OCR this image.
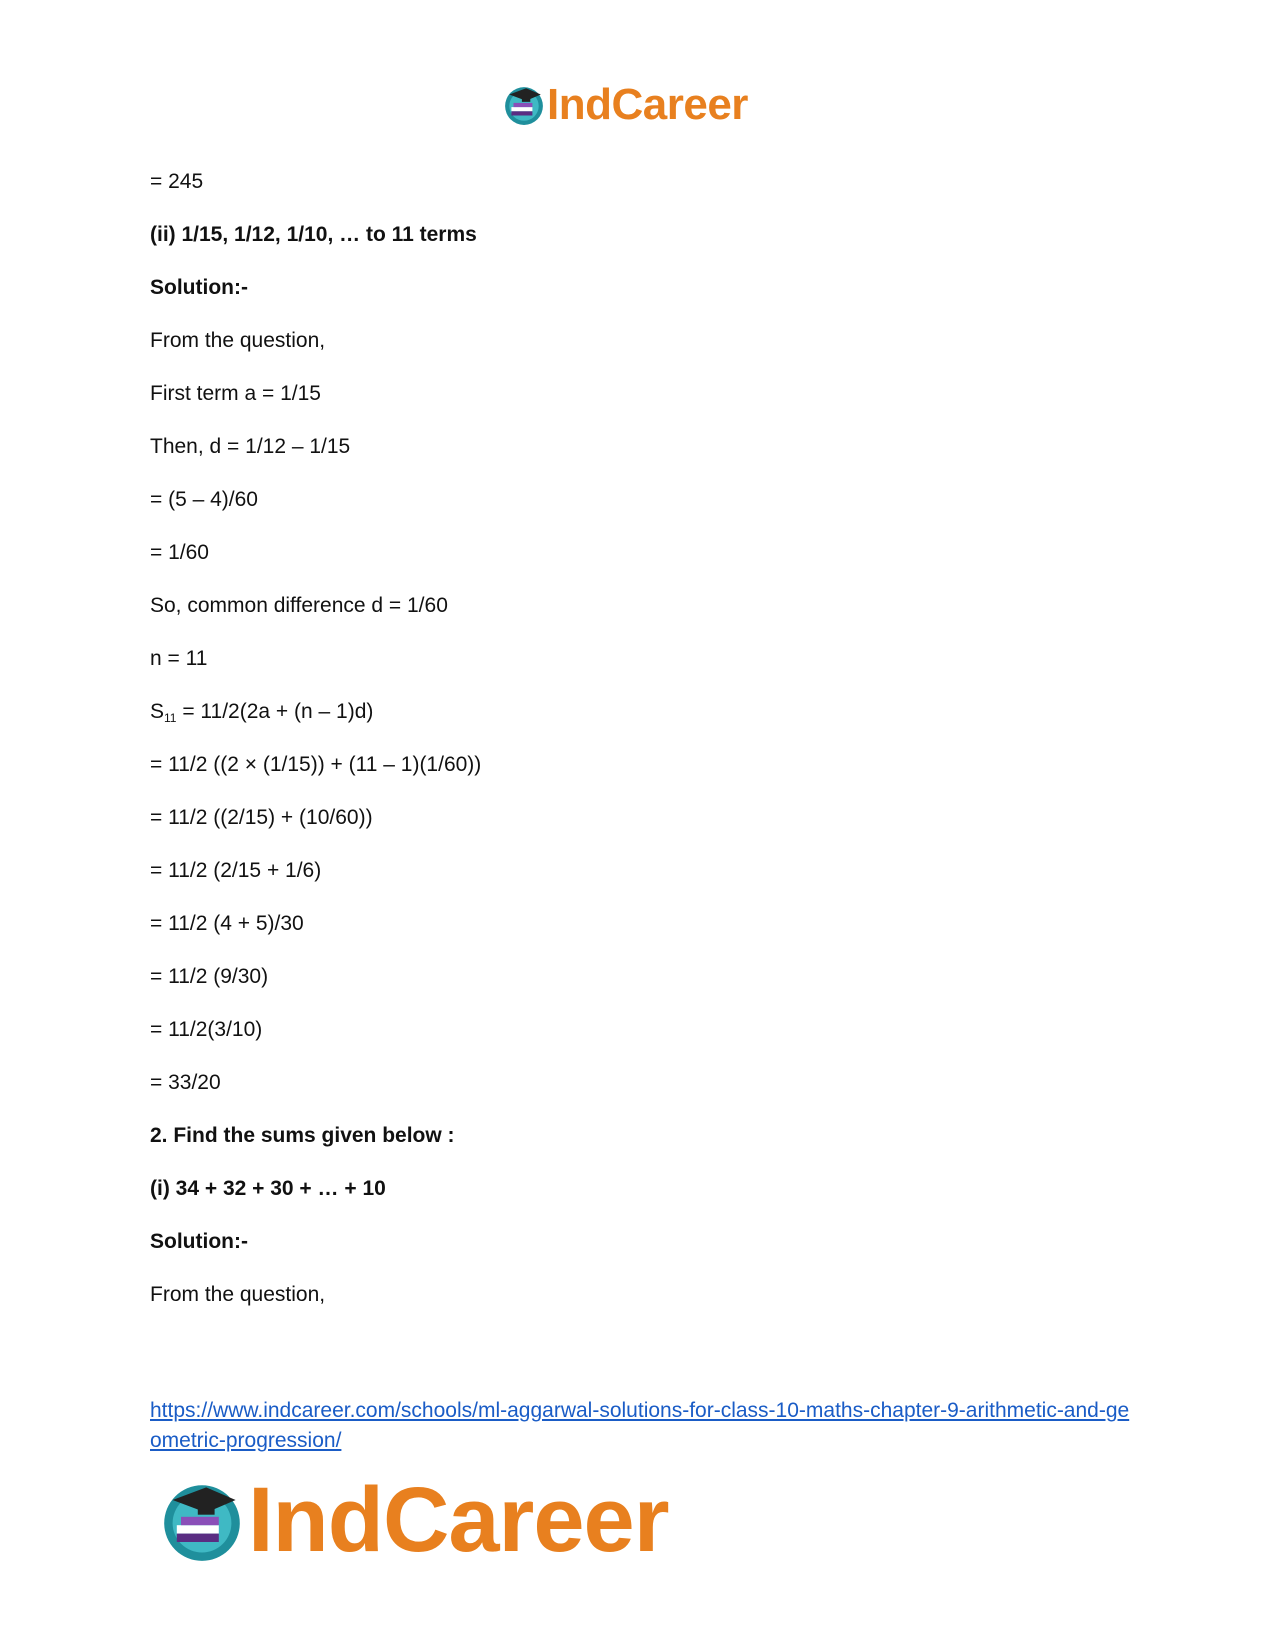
IndCareer
= 245
(ii) 1/15, 1/12, 1/10, … to 11 terms
Solution:-
From the question,
First term a = 1/15
Then, d = 1/12 – 1/15
= (5 – 4)/60
= 1/60
So, common difference d = 1/60
n = 11
$S_{11} = 11/2(2a + (n - 1)d)$
= 11/2 ((2 × (1/15)) + (11 – 1)(1/60))
= 11/2 ((2/15) + (10/60))
= 11/2 (2/15 + 1/6)
= 11/2 (4 + 5)/30
= 11/2 (9/30)
= 11/2(3/10)
= 33/20
2. Find the sums given below :
(i) 34 + 32 + 30 + … + 10
Solution:-
From the question,
https://www.indcareer.com/schools/ml-aggarwal-solutions-for-class-10-maths-chapter-9-arithmetic-and-geometric-progression/
IndCareer
